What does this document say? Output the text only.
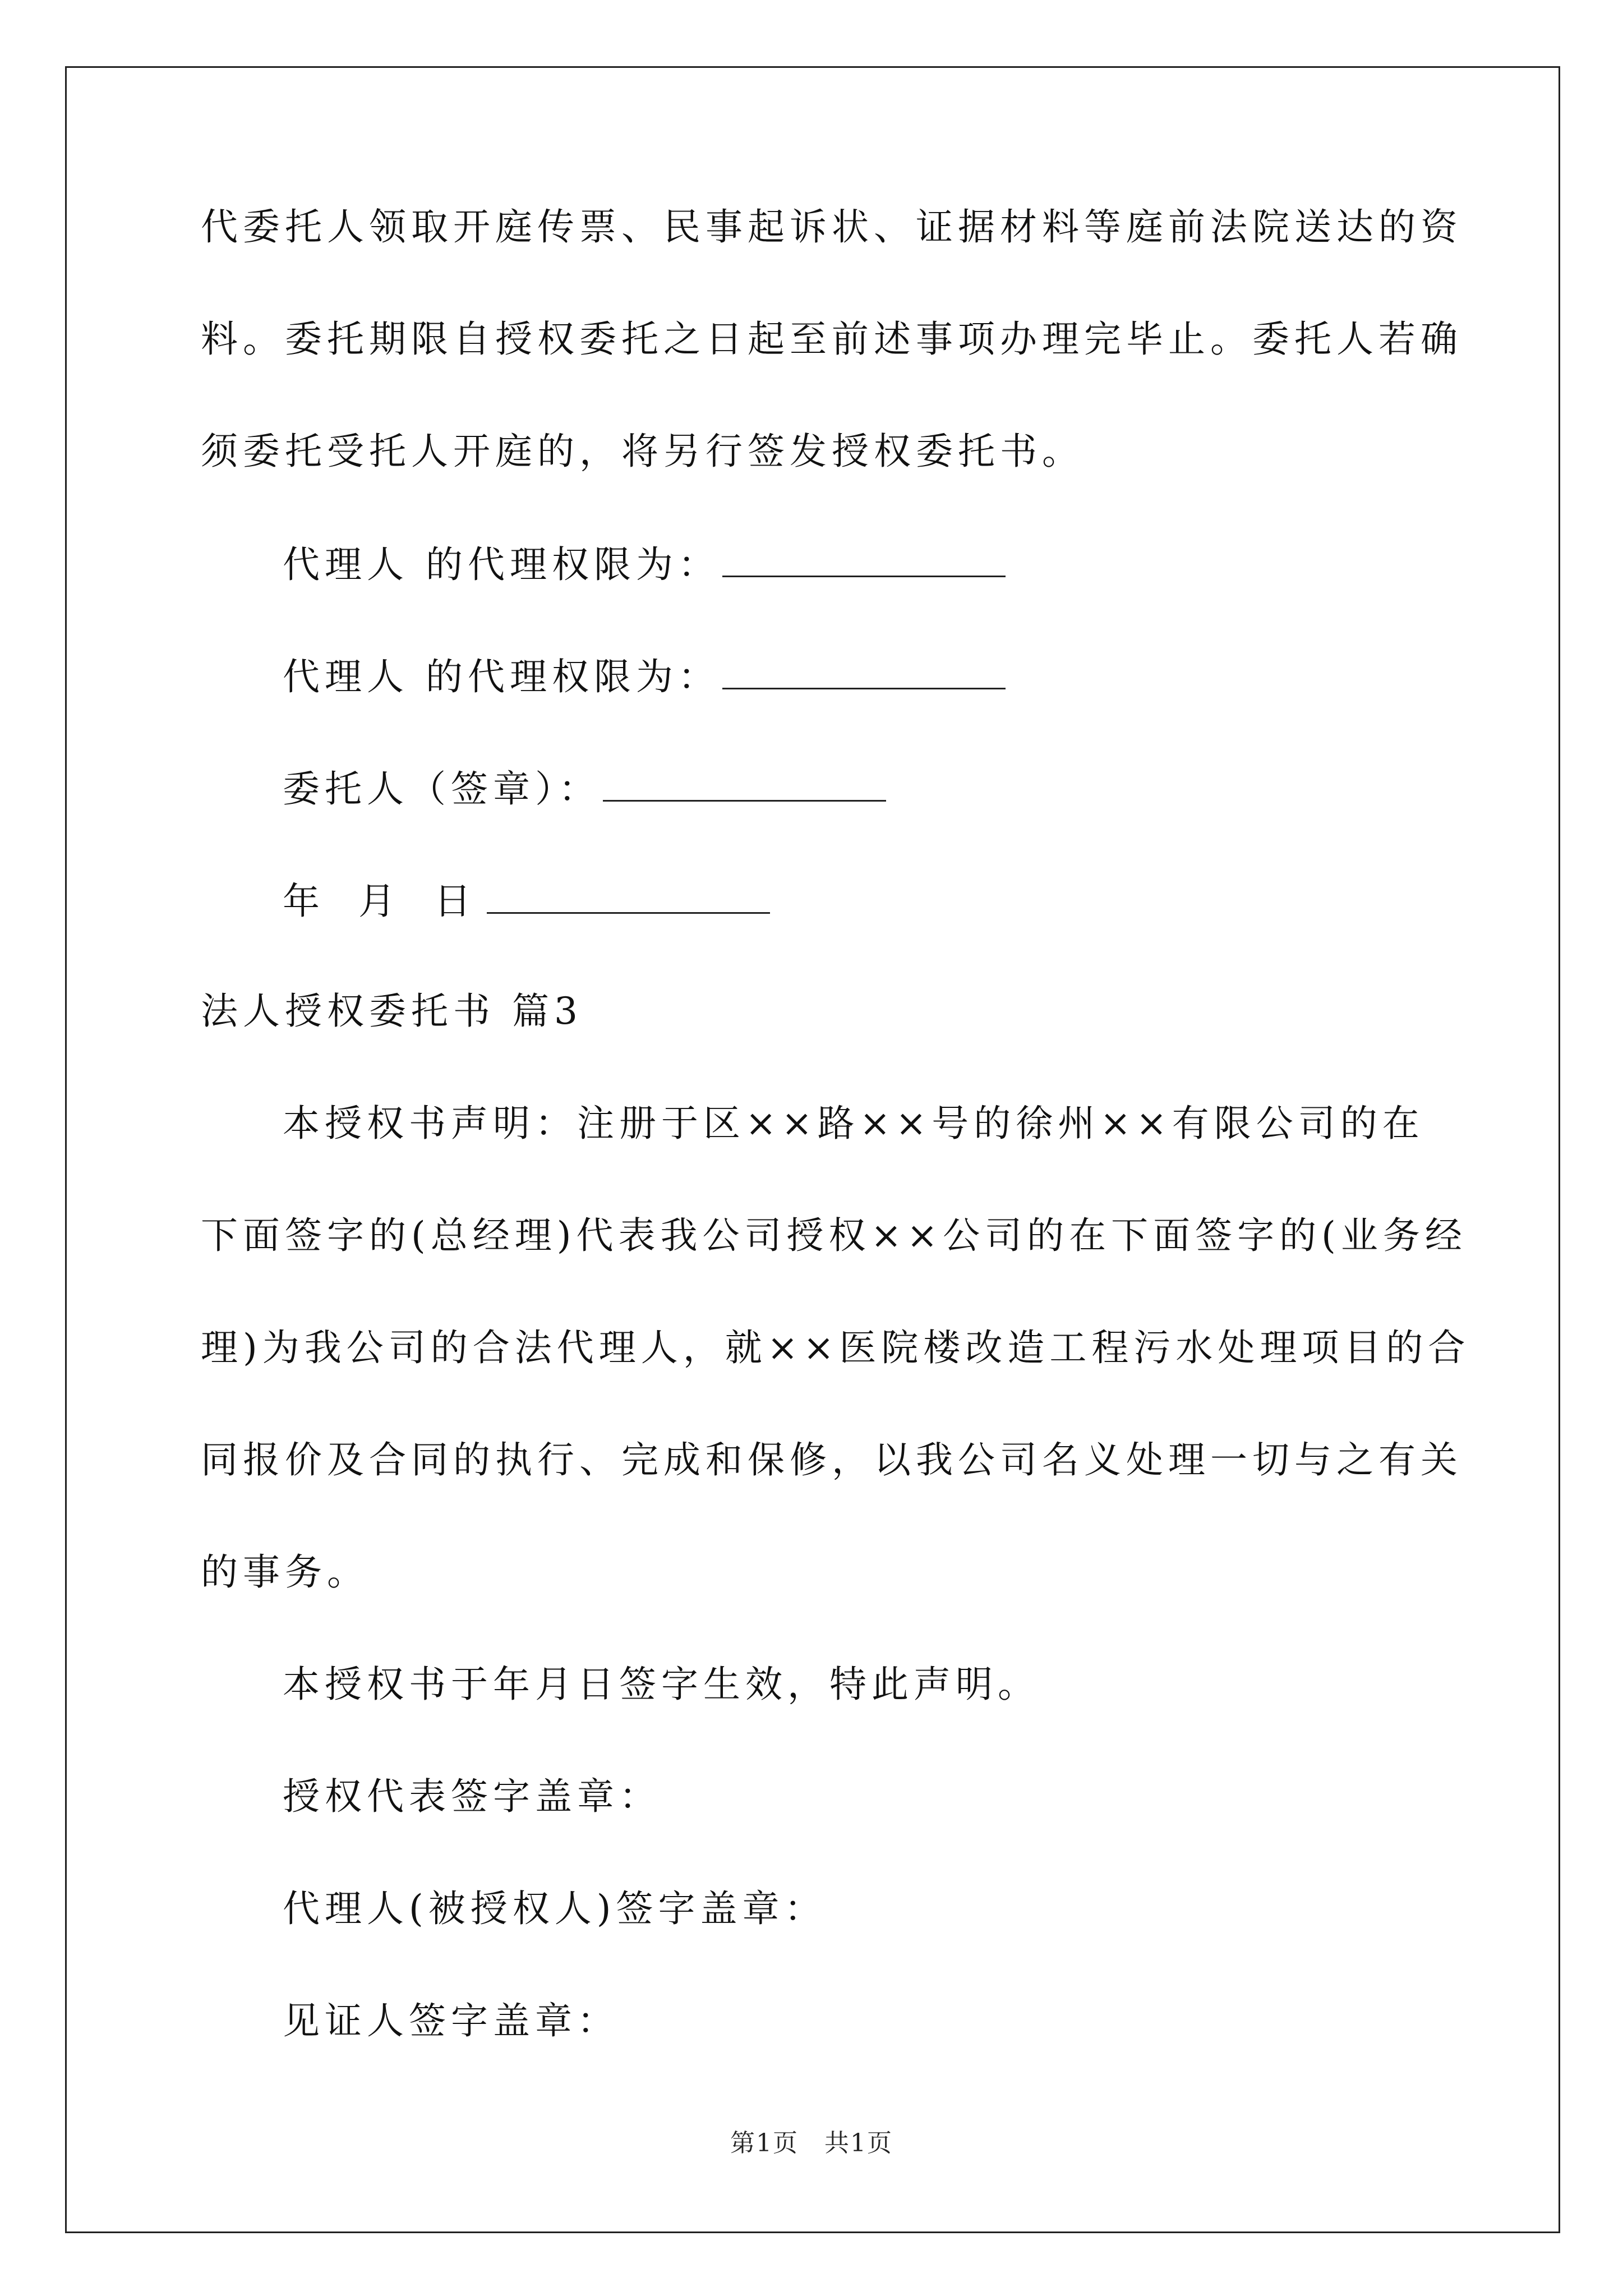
代委托人领取开庭传票、民事起诉状、证据材料等庭前法院送达的资
料。委托期限自授权委托之日起至前述事项办理完毕止。委托人若确
须委托受托人开庭的，将另行签发授权委托书。
代理人 的代理权限为：
代理人 的代理权限为：
委托人（签章）：
年 月 日
法人授权委托书 篇3
本授权书声明：注册于区××路××号的徐州××有限公司的在
下面签字的(总经理)代表我公司授权××公司的在下面签字的(业务经
理)为我公司的合法代理人，就××医院楼改造工程污水处理项目的合
同报价及合同的执行、完成和保修，以我公司名义处理一切与之有关
的事务。
本授权书于年月日签字生效，特此声明。
授权代表签字盖章：
代理人(被授权人)签字盖章：
见证人签字盖章：
第1页　共1页
